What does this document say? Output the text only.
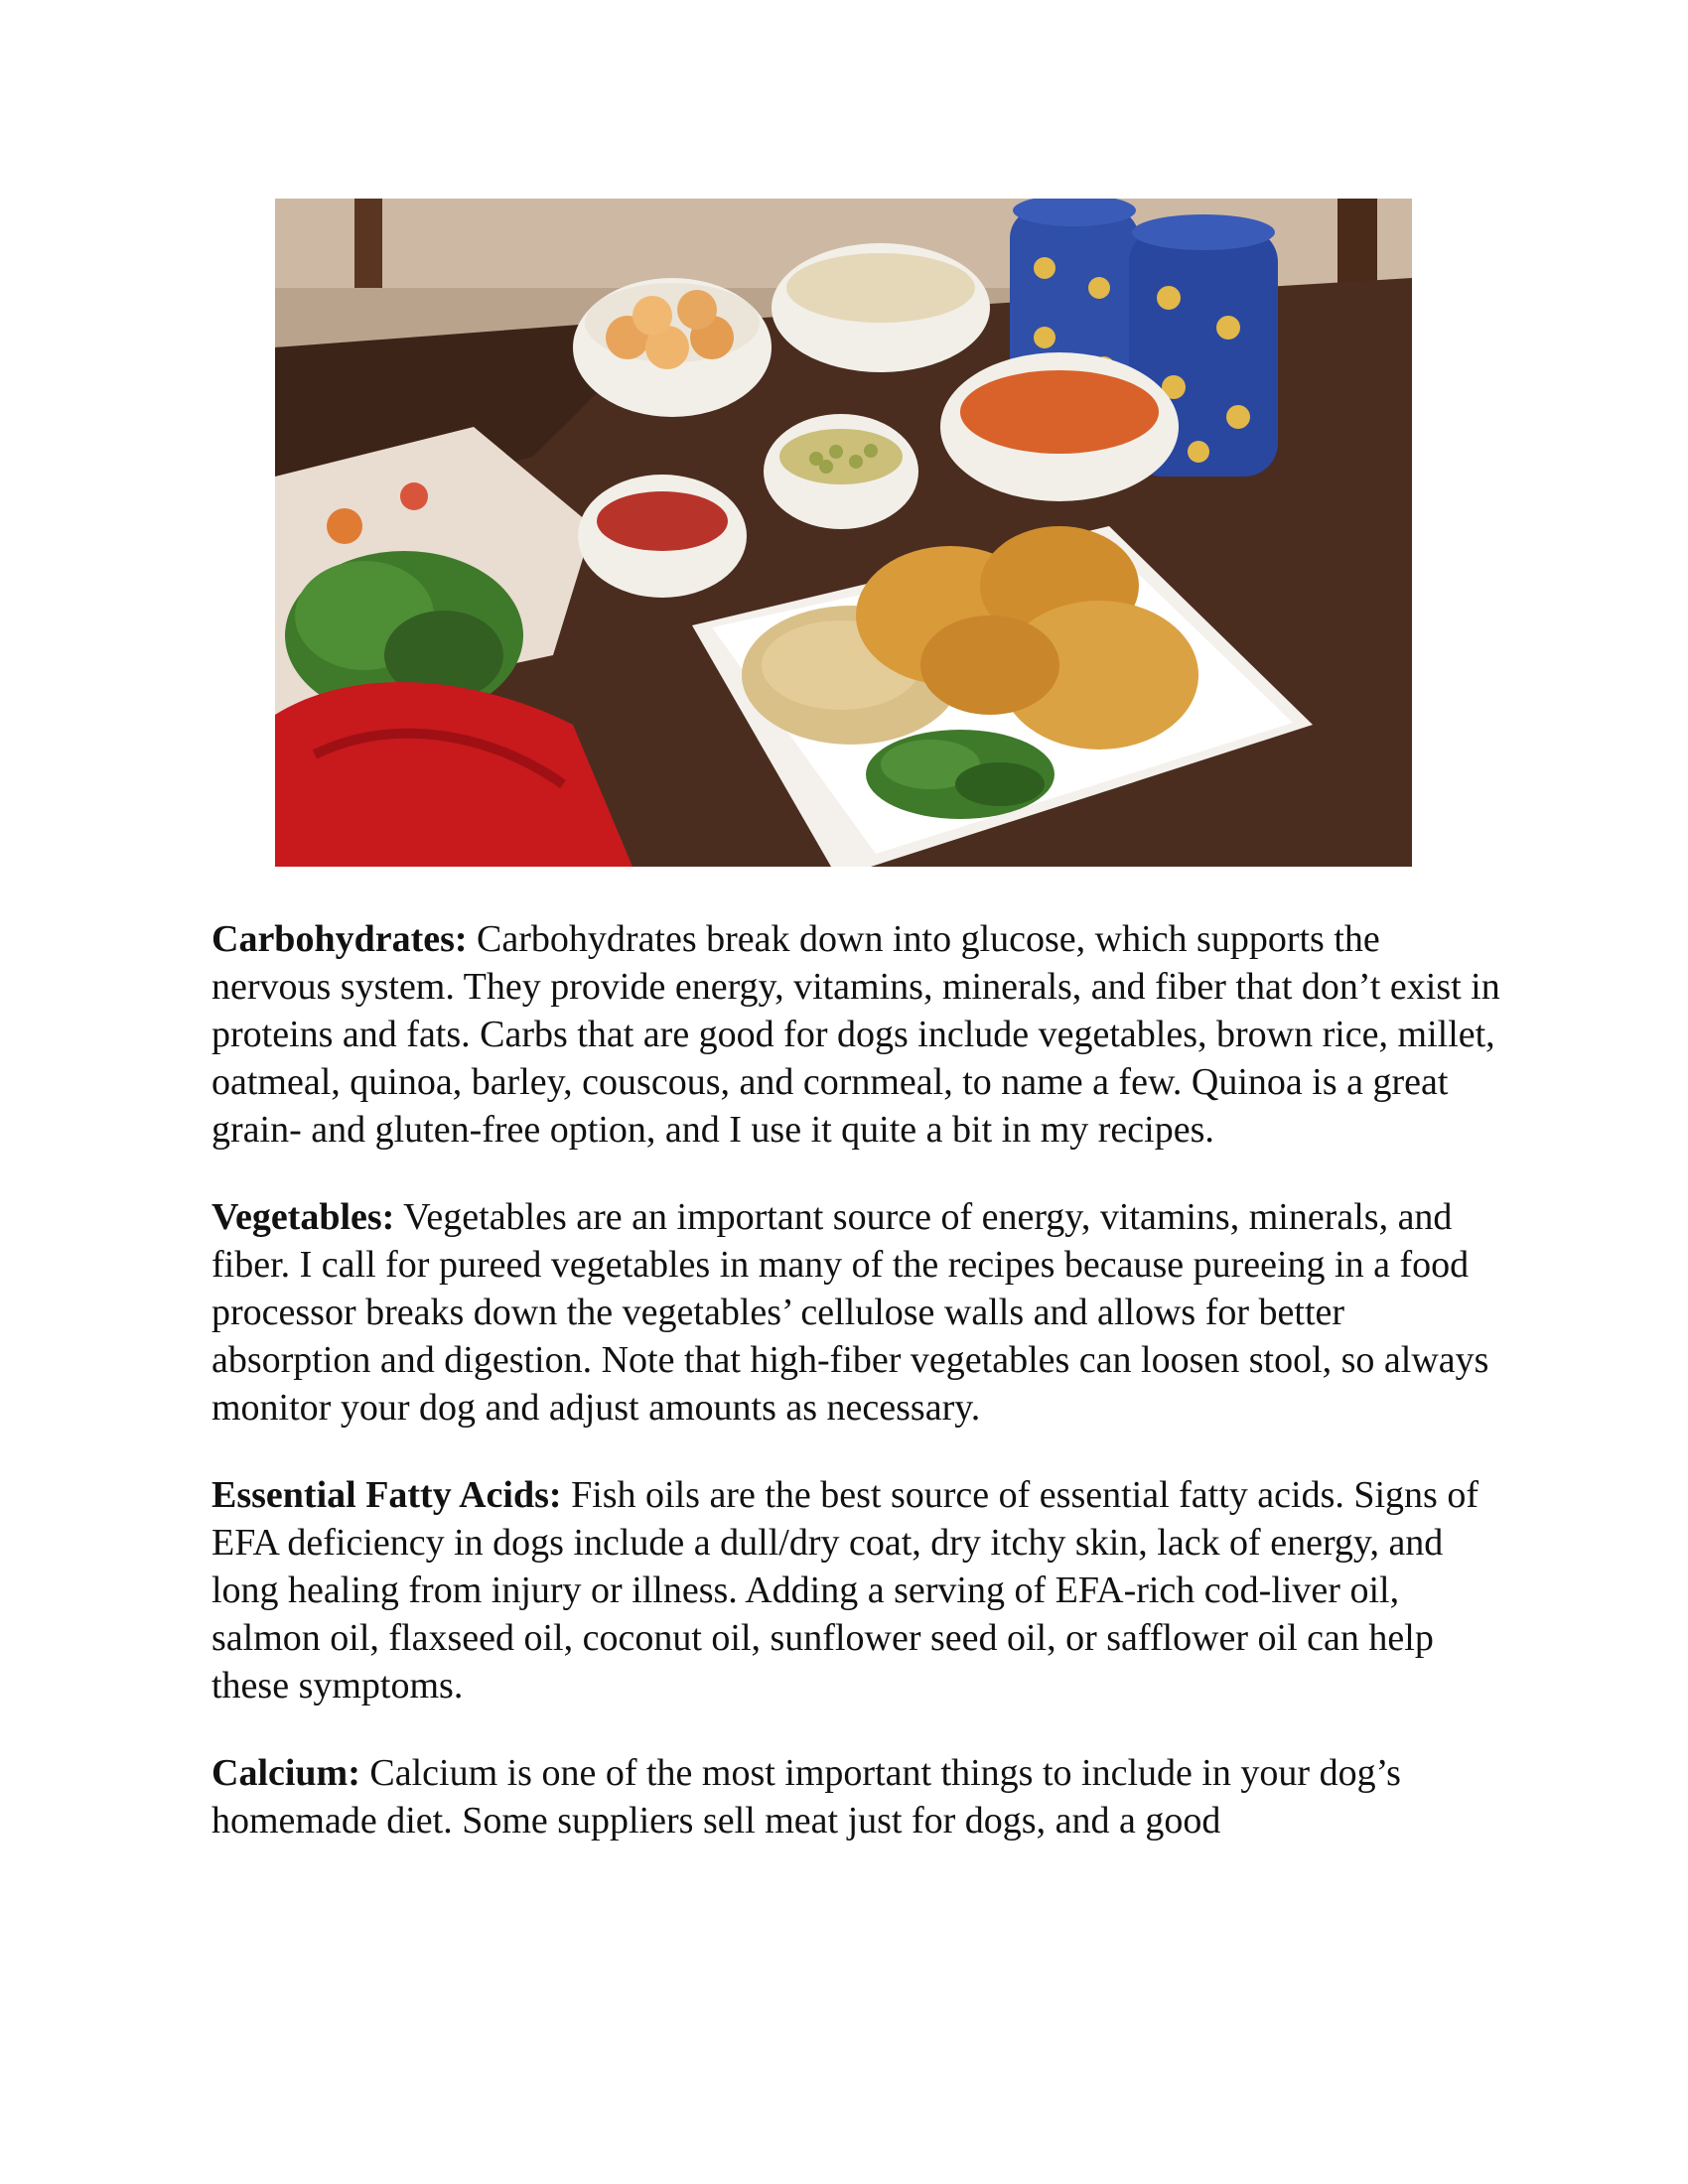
Carbohydrates: Carbohydrates break down into glucose, which supports the nervous system. They provide energy, vitamins, minerals, and fiber that don’t exist in proteins and fats. Carbs that are good for dogs include vegetables, brown rice, millet, oatmeal, quinoa, barley, couscous, and cornmeal, to name a few. Quinoa is a great grain- and gluten-free option, and I use it quite a bit in my recipes.

Vegetables: Vegetables are an important source of energy, vitamins, minerals, and fiber. I call for pureed vegetables in many of the recipes because pureeing in a food processor breaks down the vegetables’ cellulose walls and allows for better absorption and digestion. Note that high-fiber vegetables can loosen stool, so always monitor your dog and adjust amounts as necessary.

Essential Fatty Acids: Fish oils are the best source of essential fatty acids. Signs of EFA deficiency in dogs include a dull/dry coat, dry itchy skin, lack of energy, and long healing from injury or illness. Adding a serving of EFA-rich cod-liver oil, salmon oil, flaxseed oil, coconut oil, sunflower seed oil, or safflower oil can help these symptoms.

Calcium: Calcium is one of the most important things to include in your dog’s homemade diet. Some suppliers sell meat just for dogs, and a good
